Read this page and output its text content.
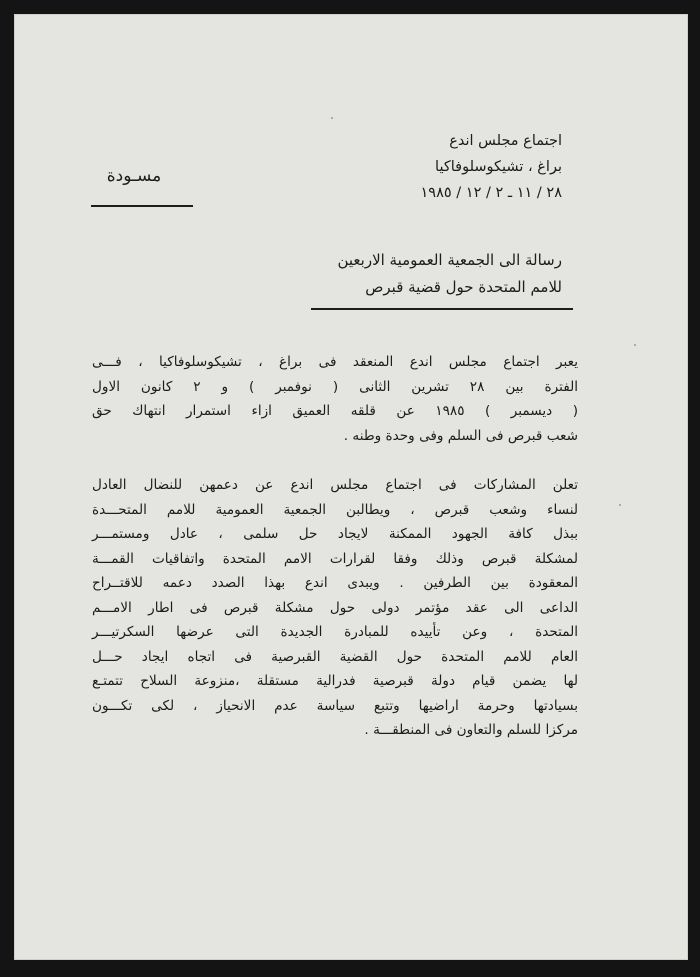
اجتماع مجلس اندع
براغ ، تشيكوسلوفاكيا
٢٨ / ١١ ـ ٢ / ١٢ / ١٩٨٥
مسـودة
رسالة الى الجمعية العمومية الاربعين
للامم المتحدة حول قضية قبرص
يعبر اجتماع مجلس اندع المنعقد فى براغ ، تشيكوسلوفاكيا ، فـــى
الفترة بين ٢٨ تشرين الثانى ( نوفمبر ) و ٢ كانون الاول
( ديسمبر ) ١٩٨٥ عن قلقه العميق ازاء استمرار انتهاك حق
شعب قبرص فى السلم وفى وحدة وطنه .
تعلن المشاركات فى اجتماع مجلس اندع عن دعمهن للنضال العادل
لنساء وشعب قبرص ، ويطالبن الجمعية العمومية للامم المتحـــدة
ببذل كافة الجهود الممكنة لايجاد حل سلمى ، عادل ومستمـــر
لمشكلة قبرص وذلك وفقا لقرارات الامم المتحدة واتفاقيات القمـــة
المعقودة بين الطرفين . ويبدى اندع بهذا الصدد دعمه للاقتــراح
الداعى الى عقد مؤتمر دولى حول مشكلة قبرص فى اطار الامـــم
المتحدة ، وعن تأييده للمبادرة الجديدة التى عرضها السكرتيـــر
العام للامم المتحدة حول القضية القبرصية فى اتجاه ايجاد حـــل
لها يضمن قيام دولة قبرصية فدرالية مستقلة ،منزوعة السلاح تتمتـع
بسيادتها وحرمة اراضيها وتتبع سياسة عدم الانحياز ، لكى تكـــون
مركزا للسلم والتعاون فى المنطقـــة .
